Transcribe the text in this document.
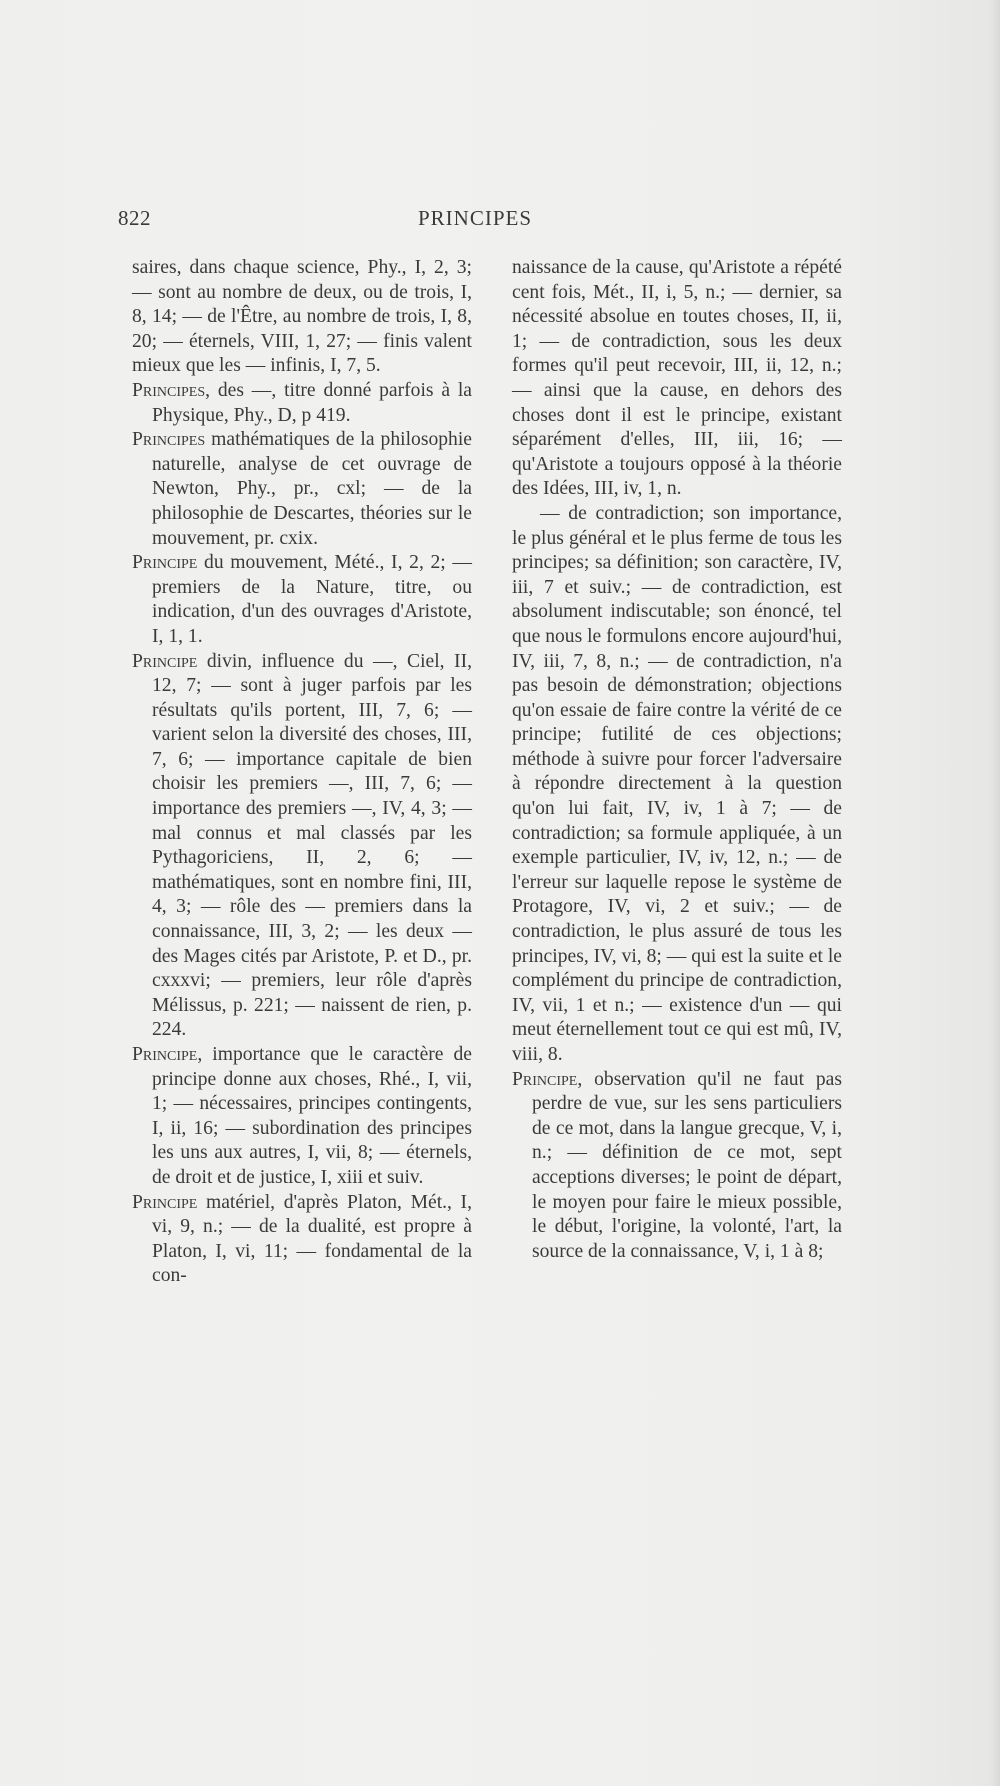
822	PRINCIPES

saires, dans chaque science, Phy., I, 2, 3; — sont au nombre de deux, ou de trois, I, 8, 14; — de l'Être, au nombre de trois, I, 8, 20; — éternels, VIII, 1, 27; — finis valent mieux que les — infinis, I, 7, 5.

Principes, des —, titre donné parfois à la Physique, Phy., D, p 419.

Principes mathématiques de la philosophie naturelle, analyse de cet ouvrage de Newton, Phy., pr., cxl; — de la philosophie de Descartes, théories sur le mouvement, pr. cxix.

Principe du mouvement, Mété., I, 2, 2; — premiers de la Nature, titre, ou indication, d'un des ouvrages d'Aristote, I, 1, 1.

Principe divin, influence du —, Ciel, II, 12, 7; — sont à juger parfois par les résultats qu'ils portent, III, 7, 6; — varient selon la diversité des choses, III, 7, 6; — importance capitale de bien choisir les premiers —, III, 7, 6; — importance des premiers —, IV, 4, 3; — mal connus et mal classés par les Pythagoriciens, II, 2, 6; — mathématiques, sont en nombre fini, III, 4, 3; — rôle des — premiers dans la connaissance, III, 3, 2; — les deux — des Mages cités par Aristote, P. et D., pr. cxxxvi; — premiers, leur rôle d'après Mélissus, p. 221; — naissent de rien, p. 224.

Principe, importance que le caractère de principe donne aux choses, Rhé., I, vii, 1; — nécessaires, principes contingents, I, ii, 16; — subordination des principes les uns aux autres, I, vii, 8; — éternels, de droit et de justice, I, xiii et suiv.

Principe matériel, d'après Platon, Mét., I, vi, 9, n.; — de la dualité, est propre à Platon, I, vi, 11; — fondamental de la con-

naissance de la cause, qu'Aristote a répété cent fois, Mét., II, i, 5, n.; — dernier, sa nécessité absolue en toutes choses, II, ii, 1; — de contradiction, sous les deux formes qu'il peut recevoir, III, ii, 12, n.; — ainsi que la cause, en dehors des choses dont il est le principe, existant séparément d'elles, III, iii, 16; — qu'Aristote a toujours opposé à la théorie des Idées, III, iv, 1, n.

— de contradiction; son importance, le plus général et le plus ferme de tous les principes; sa définition; son caractère, IV, iii, 7 et suiv.; — de contradiction, est absolument indiscutable; son énoncé, tel que nous le formulons encore aujourd'hui, IV, iii, 7, 8, n.; — de contradiction, n'a pas besoin de démonstration; objections qu'on essaie de faire contre la vérité de ce principe; futilité de ces objections; méthode à suivre pour forcer l'adversaire à répondre directement à la question qu'on lui fait, IV, iv, 1 à 7; — de contradiction; sa formule appliquée, à un exemple particulier, IV, iv, 12, n.; — de l'erreur sur laquelle repose le système de Protagore, IV, vi, 2 et suiv.; — de contradiction, le plus assuré de tous les principes, IV, vi, 8; — qui est la suite et le complément du principe de contradiction, IV, vii, 1 et n.; — existence d'un — qui meut éternellement tout ce qui est mû, IV, viii, 8.

Principe, observation qu'il ne faut pas perdre de vue, sur les sens particuliers de ce mot, dans la langue grecque, V, i, n.; — définition de ce mot, sept acceptions diverses; le point de départ, le moyen pour faire le mieux possible, le début, l'origine, la volonté, l'art, la source de la connaissance, V, i, 1 à 8;
